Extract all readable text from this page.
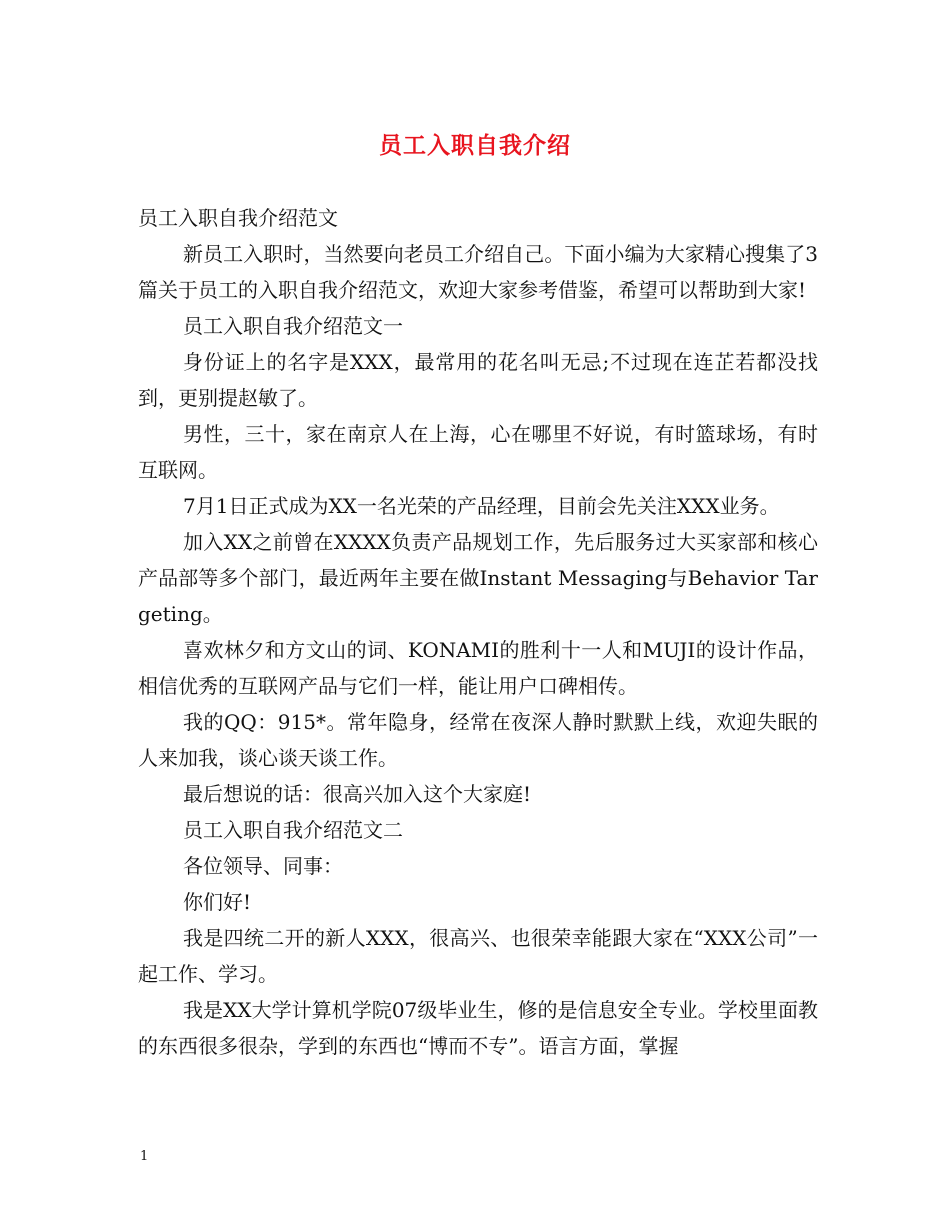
员工入职自我介绍

员工入职自我介绍范文

新员工入职时，当然要向老员工介绍自己。下面小编为大家精心搜集了3篇关于员工的入职自我介绍范文，欢迎大家参考借鉴，希望可以帮助到大家!

员工入职自我介绍范文一

身份证上的名字是XXX，最常用的花名叫无忌;不过现在连芷若都没找到，更别提赵敏了。

男性，三十，家在南京人在上海，心在哪里不好说，有时篮球场，有时互联网。

7月1日正式成为XX一名光荣的产品经理，目前会先关注XXX业务。

加入XX之前曾在XXXX负责产品规划工作，先后服务过大买家部和核心产品部等多个部门，最近两年主要在做Instant Messaging与Behavior Targeting。

喜欢林夕和方文山的词、KONAMI的胜利十一人和MUJI的设计作品，相信优秀的互联网产品与它们一样，能让用户口碑相传。

我的QQ：915*。常年隐身，经常在夜深人静时默默上线，欢迎失眠的人来加我，谈心谈天谈工作。

最后想说的话：很高兴加入这个大家庭!

员工入职自我介绍范文二

各位领导、同事：

你们好!

我是四统二开的新人XXX，很高兴、也很荣幸能跟大家在“XXX公司”一起工作、学习。

我是XX大学计算机学院07级毕业生，修的是信息安全专业。学校里面教的东西很多很杂，学到的东西也“博而不专”。语言方面，掌握

1
